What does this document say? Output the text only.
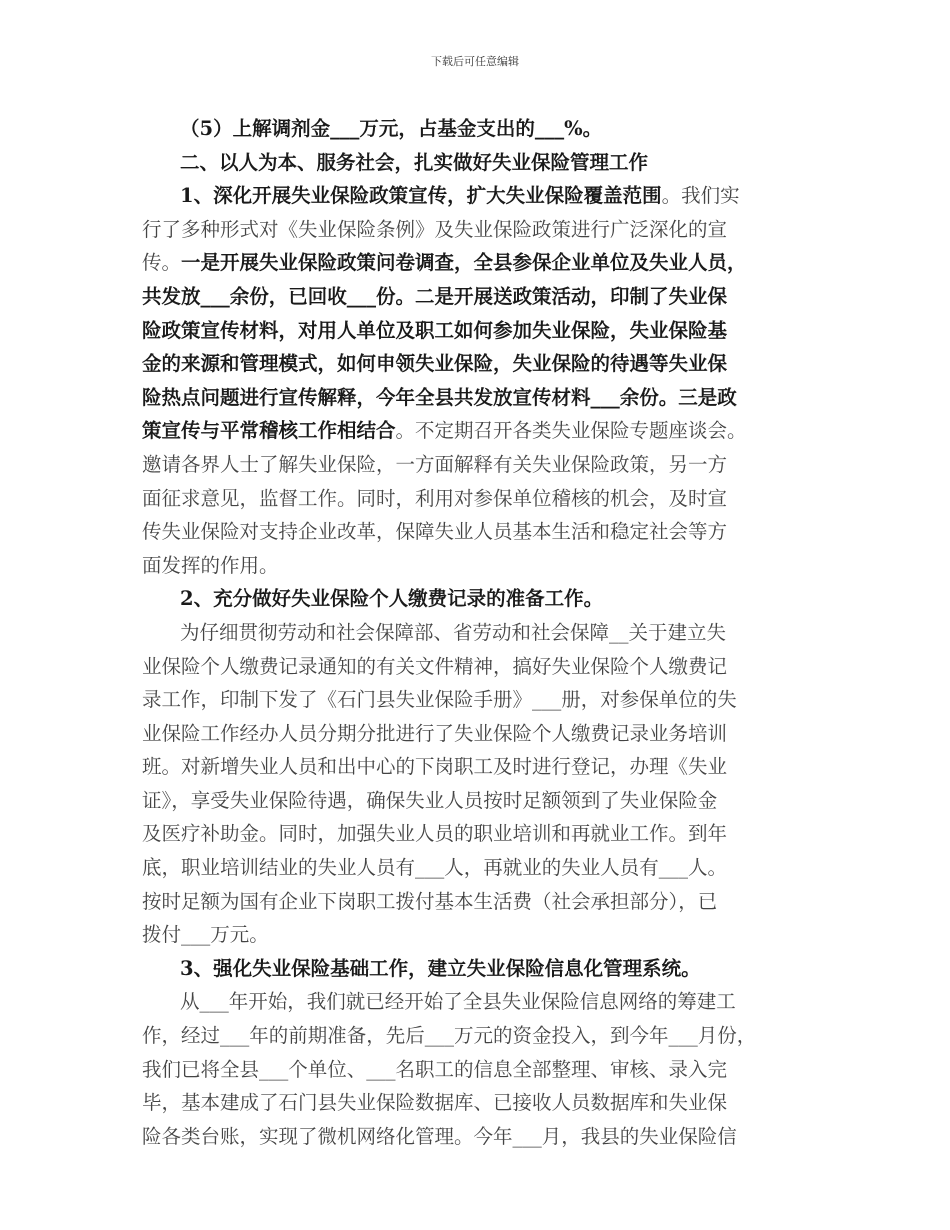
下载后可任意编辑
（5）上解调剂金___万元，占基金支出的___%。
二、以人为本、服务社会，扎实做好失业保险管理工作
1、深化开展失业保险政策宣传，扩大失业保险覆盖范围。我们实
行了多种形式对《失业保险条例》及失业保险政策进行广泛深化的宣
传。一是开展失业保险政策问卷调查，全县参保企业单位及失业人员，
共发放___余份，已回收___份。二是开展送政策活动，印制了失业保
险政策宣传材料，对用人单位及职工如何参加失业保险，失业保险基
金的来源和管理模式，如何申领失业保险，失业保险的待遇等失业保
险热点问题进行宣传解释，今年全县共发放宣传材料___余份。三是政
策宣传与平常稽核工作相结合。不定期召开各类失业保险专题座谈会。
邀请各界人士了解失业保险，一方面解释有关失业保险政策，另一方
面征求意见，监督工作。同时，利用对参保单位稽核的机会，及时宣
传失业保险对支持企业改革，保障失业人员基本生活和稳定社会等方
面发挥的作用。
2、充分做好失业保险个人缴费记录的准备工作。
为仔细贯彻劳动和社会保障部、省劳动和社会保障__关于建立失
业保险个人缴费记录通知的有关文件精神，搞好失业保险个人缴费记
录工作，印制下发了《石门县失业保险手册》___册，对参保单位的失
业保险工作经办人员分期分批进行了失业保险个人缴费记录业务培训
班。对新增失业人员和出中心的下岗职工及时进行登记，办理《失业
证》，享受失业保险待遇，确保失业人员按时足额领到了失业保险金
及医疗补助金。同时，加强失业人员的职业培训和再就业工作。到年
底，职业培训结业的失业人员有___人，再就业的失业人员有___人。
按时足额为国有企业下岗职工拨付基本生活费（社会承担部分），已
拨付___万元。
3、强化失业保险基础工作，建立失业保险信息化管理系统。
从___年开始，我们就已经开始了全县失业保险信息网络的筹建工
作，经过___年的前期准备，先后___万元的资金投入，到今年___月份，
我们已将全县___个单位、___名职工的信息全部整理、审核、录入完
毕，基本建成了石门县失业保险数据库、已接收人员数据库和失业保
险各类台账，实现了微机网络化管理。今年___月，我县的失业保险信
